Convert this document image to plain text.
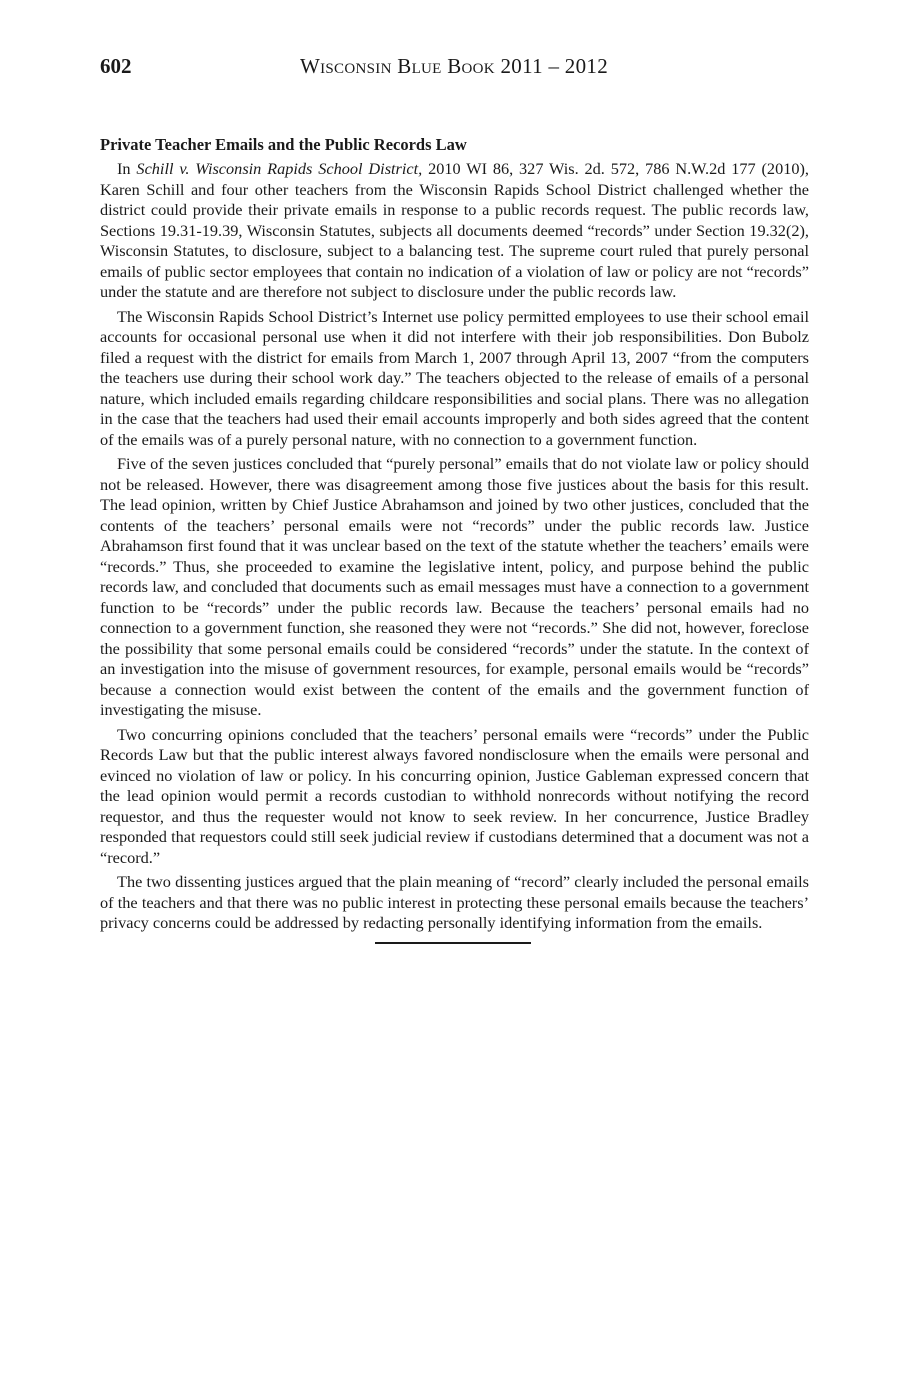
602	Wisconsin Blue Book 2011 – 2012
Private Teacher Emails and the Public Records Law

In Schill v. Wisconsin Rapids School District, 2010 WI 86, 327 Wis. 2d. 572, 786 N.W.2d 177 (2010), Karen Schill and four other teachers from the Wisconsin Rapids School District challenged whether the district could provide their private emails in response to a public records request. The public records law, Sections 19.31-19.39, Wisconsin Statutes, subjects all documents deemed “records” under Section 19.32(2), Wisconsin Statutes, to disclosure, subject to a balancing test. The supreme court ruled that purely personal emails of public sector employees that contain no indication of a violation of law or policy are not “records” under the statute and are therefore not subject to disclosure under the public records law.

The Wisconsin Rapids School District’s Internet use policy permitted employees to use their school email accounts for occasional personal use when it did not interfere with their job responsibilities. Don Bubolz filed a request with the district for emails from March 1, 2007 through April 13, 2007 “from the computers the teachers use during their school work day.” The teachers objected to the release of emails of a personal nature, which included emails regarding childcare responsibilities and social plans. There was no allegation in the case that the teachers had used their email accounts improperly and both sides agreed that the content of the emails was of a purely personal nature, with no connection to a government function.

Five of the seven justices concluded that “purely personal” emails that do not violate law or policy should not be released. However, there was disagreement among those five justices about the basis for this result. The lead opinion, written by Chief Justice Abrahamson and joined by two other justices, concluded that the contents of the teachers’ personal emails were not “records” under the public records law. Justice Abrahamson first found that it was unclear based on the text of the statute whether the teachers’ emails were “records.” Thus, she proceeded to examine the legislative intent, policy, and purpose behind the public records law, and concluded that documents such as email messages must have a connection to a government function to be “records” under the public records law. Because the teachers’ personal emails had no connection to a government function, she reasoned they were not “records.” She did not, however, foreclose the possibility that some personal emails could be considered “records” under the statute. In the context of an investigation into the misuse of government resources, for example, personal emails would be “records” because a connection would exist between the content of the emails and the government function of investigating the misuse.

Two concurring opinions concluded that the teachers’ personal emails were “records” under the Public Records Law but that the public interest always favored nondisclosure when the emails were personal and evinced no violation of law or policy. In his concurring opinion, Justice Gableman expressed concern that the lead opinion would permit a records custodian to withhold nonrecords without notifying the record requestor, and thus the requester would not know to seek review. In her concurrence, Justice Bradley responded that requestors could still seek judicial review if custodians determined that a document was not a “record.”

The two dissenting justices argued that the plain meaning of “record” clearly included the personal emails of the teachers and that there was no public interest in protecting these personal emails because the teachers’ privacy concerns could be addressed by redacting personally identifying information from the emails.
